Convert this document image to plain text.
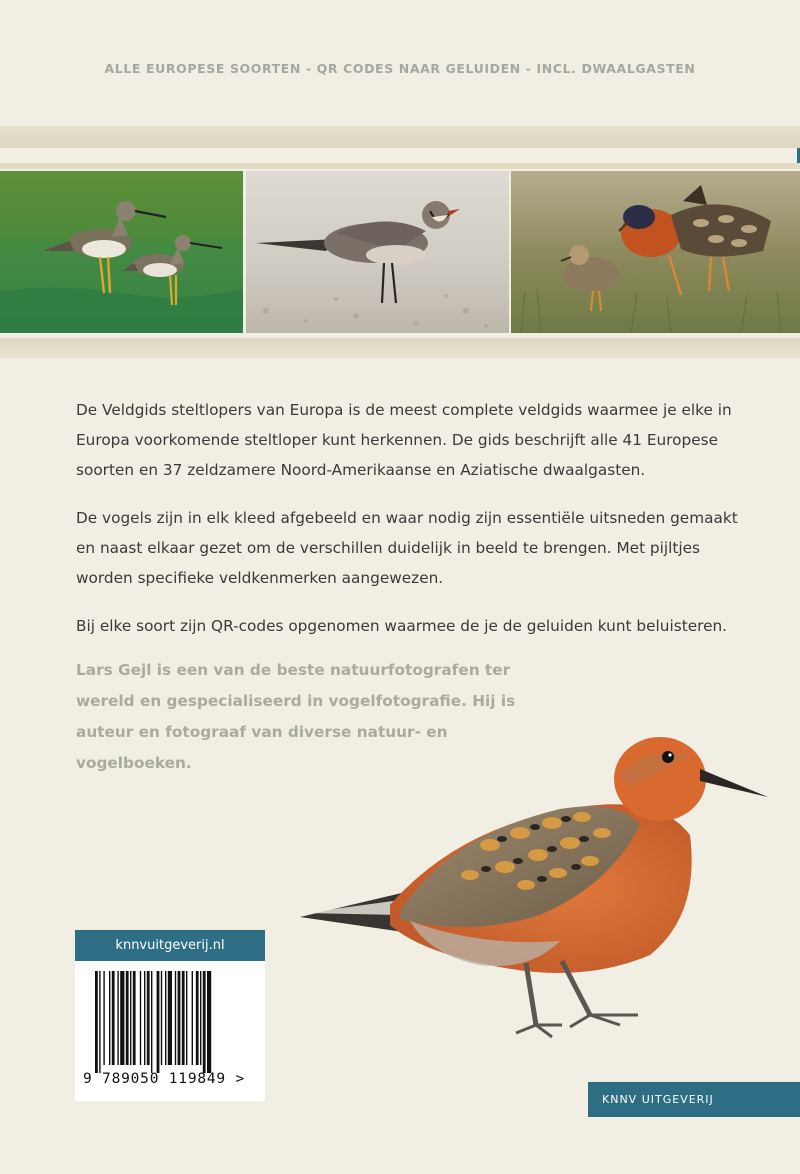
ALLE EUROPESE SOORTEN - QR CODES NAAR GELUIDEN - INCL. DWAALGASTEN

De Veldgids steltlopers van Europa is de meest complete veldgids waarmee je elke in Europa voorkomende steltloper kunt herkennen. De gids beschrijft alle 41 Europese soorten en 37 zeldzamere Noord-Amerikaanse en Aziatische dwaalgasten.

De vogels zijn in elk kleed afgebeeld en waar nodig zijn essentiële uitsneden gemaakt en naast elkaar gezet om de verschillen duidelijk in beeld te brengen. Met pijltjes worden specifieke veldkenmerken aangewezen.

Bij elke soort zijn QR-codes opgenomen waarmee de je de geluiden kunt beluisteren.

Lars Gejl is een van de beste natuurfotografen ter wereld en gespecialiseerd in vogelfotografie. Hij is auteur en fotograaf van diverse natuur- en vogelboeken.
knnvuitgeverij.nl
9 789050 119849 >
KNNV UITGEVERIJ
